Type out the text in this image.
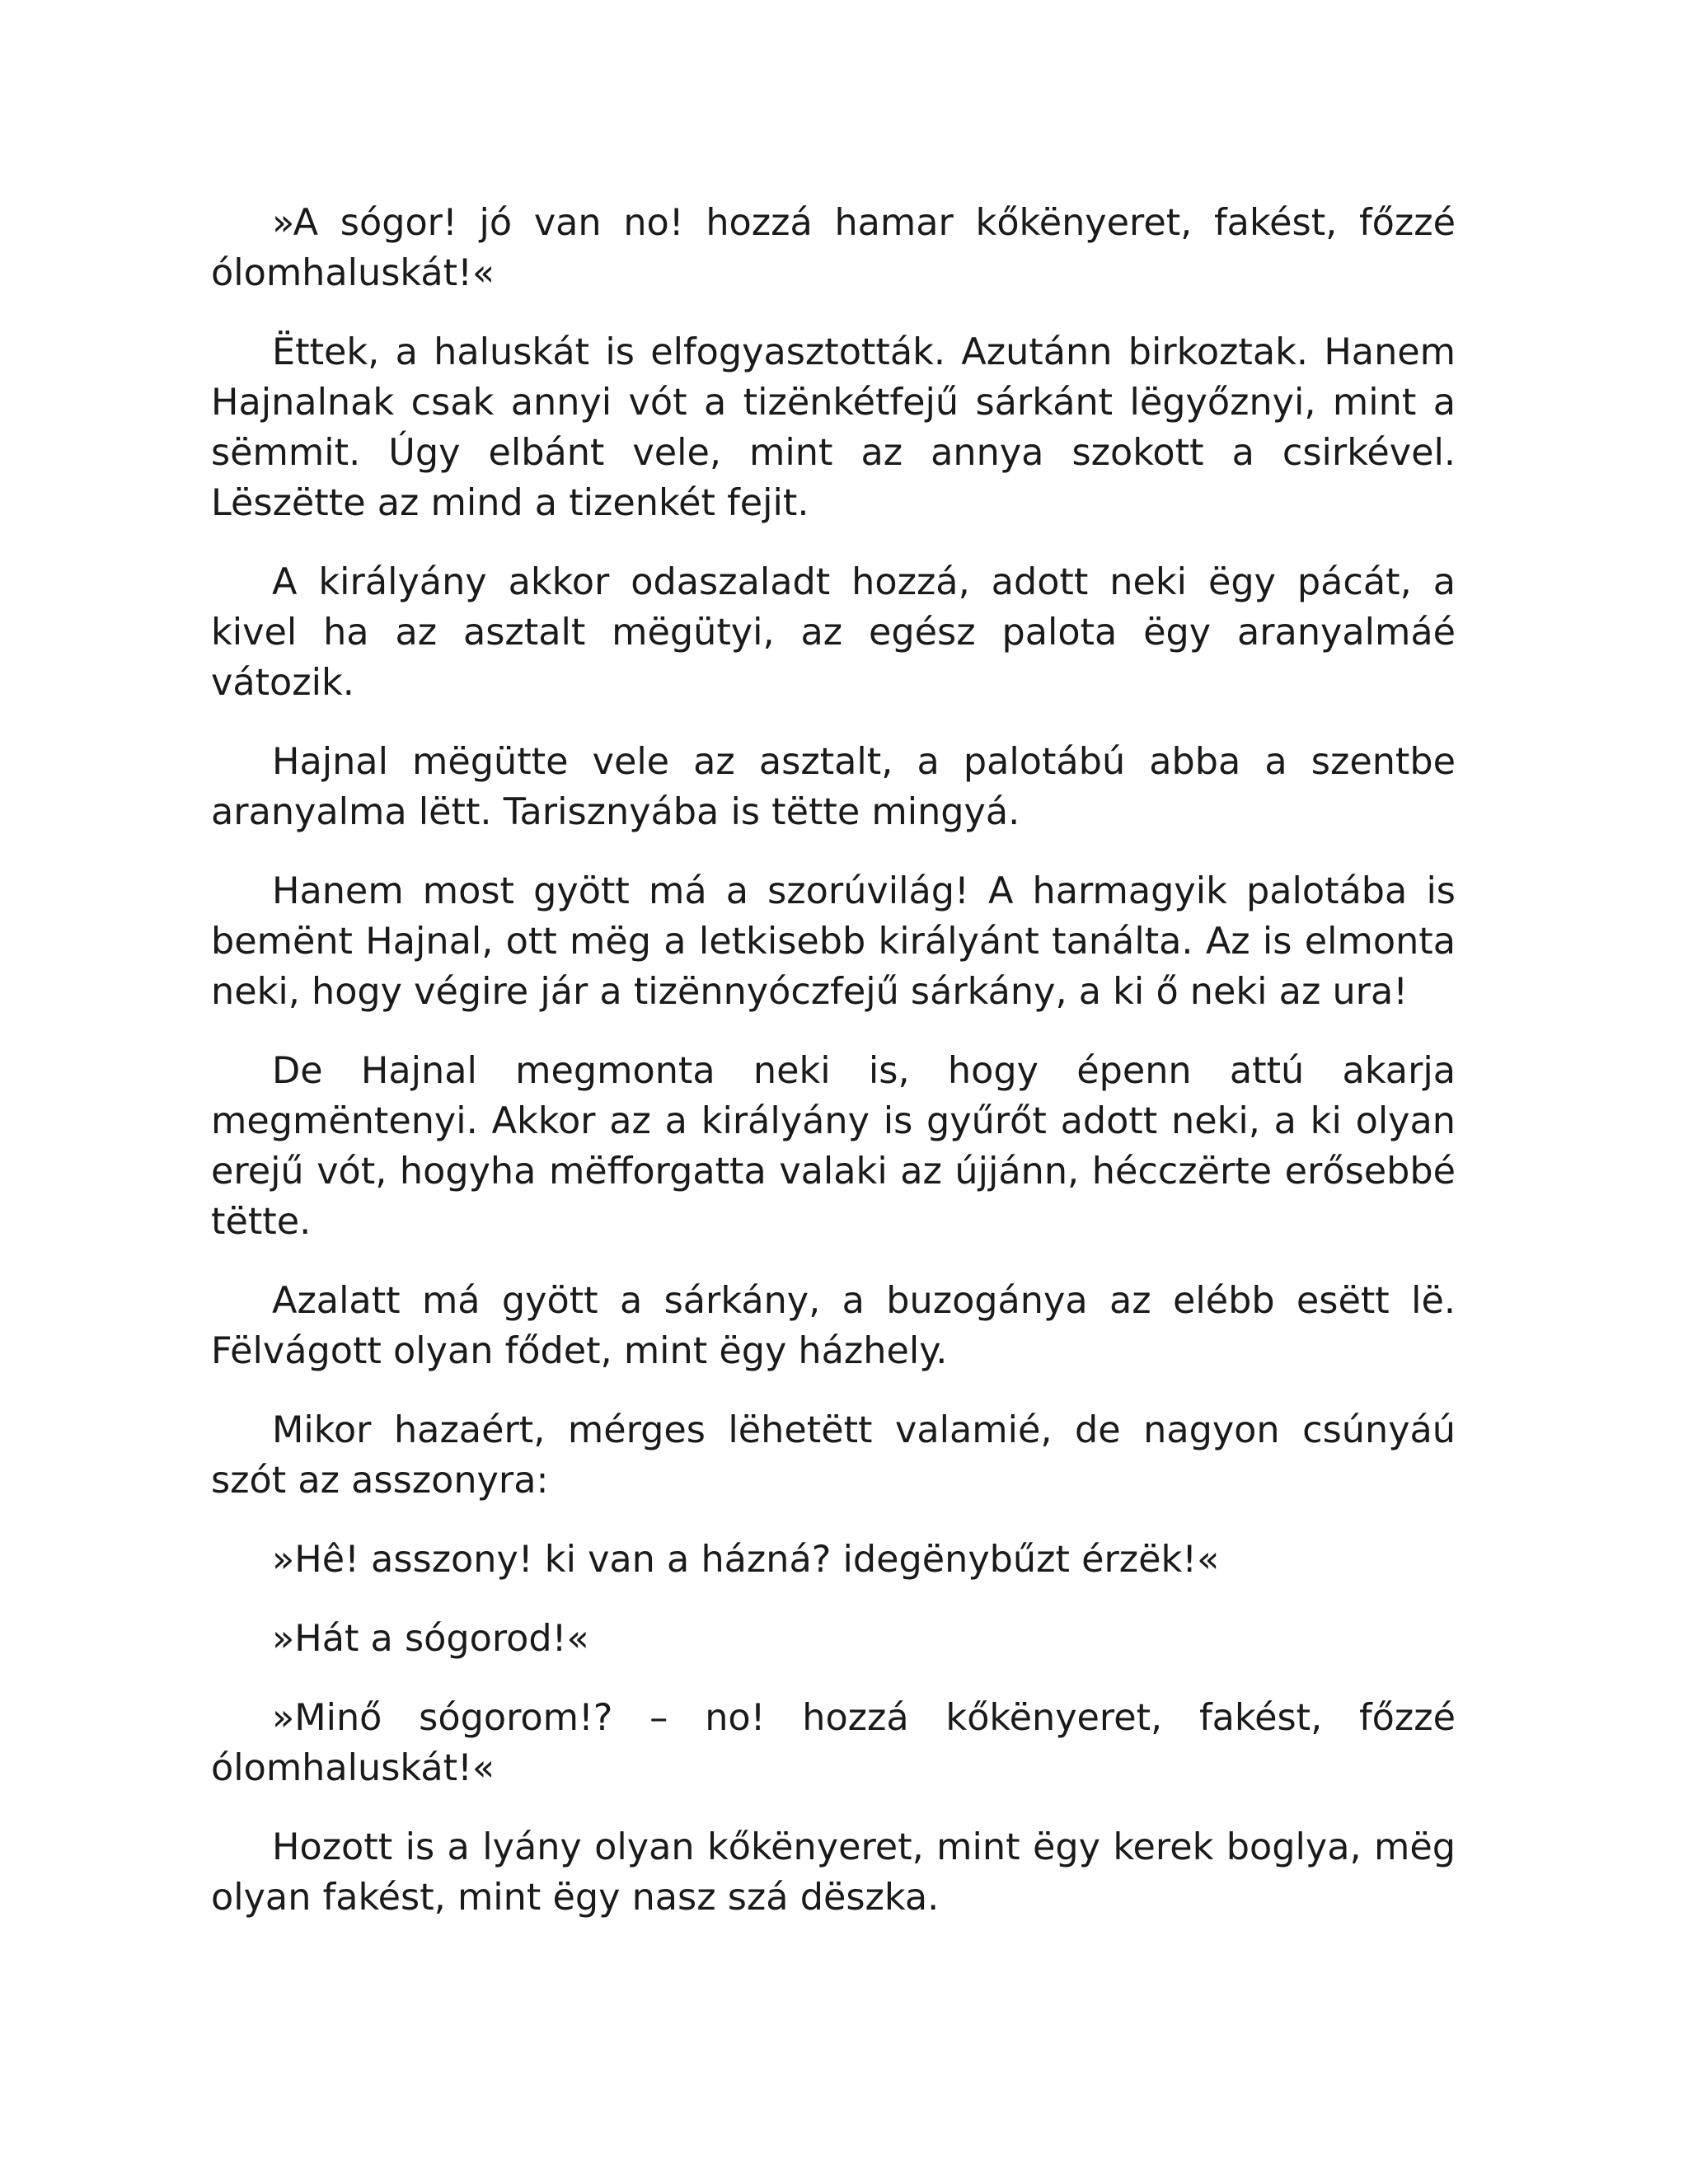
»A sógor! jó van no! hozzá hamar kőkënyeret, fakést, főzzé ólomhaluskát!«

Ëttek, a haluskát is elfogyasztották. Azutánn birkoztak. Hanem Hajnalnak csak annyi vót a tizënkétfejű sárkánt lëgyőznyi, mint a sëmmit. Úgy elbánt vele, mint az annya szokott a csirkével. Lëszëtte az mind a tizenkét fejit.

A királyány akkor odaszaladt hozzá, adott neki ëgy pácát, a kivel ha az asztalt mëgütyi, az egész palota ëgy aranyalmáé vátozik.

Hajnal mëgütte vele az asztalt, a palotábú abba a szentbe aranyalma lëtt. Tarisznyába is tëtte mingyá.

Hanem most gyött má a szorúvilág! A harmagyik palotába is bemënt Hajnal, ott mëg a letkisebb királyánt tanálta. Az is elmonta neki, hogy végire jár a tizënnyóczfejű sárkány, a ki ő neki az ura!

De Hajnal megmonta neki is, hogy épenn attú akarja megmëntenyi. Akkor az a királyány is gyűrőt adott neki, a ki olyan erejű vót, hogyha mëfforgatta valaki az újjánn, hécczërte erősebbé tëtte.

Azalatt má gyött a sárkány, a buzogánya az elébb esëtt lë. Fëlvágott olyan fődet, mint ëgy házhely.

Mikor hazaért, mérges lëhetëtt valamié, de nagyon csúnyáú szót az asszonyra:

»Hê! asszony! ki van a házná? idegënybűzt érzëk!«

»Hát a sógorod!«

»Minő sógorom!? – no! hozzá kőkënyeret, fakést, főzzé ólomhaluskát!«

Hozott is a lyány olyan kőkënyeret, mint ëgy kerek boglya, mëg olyan fakést, mint ëgy nasz szá dëszka.
